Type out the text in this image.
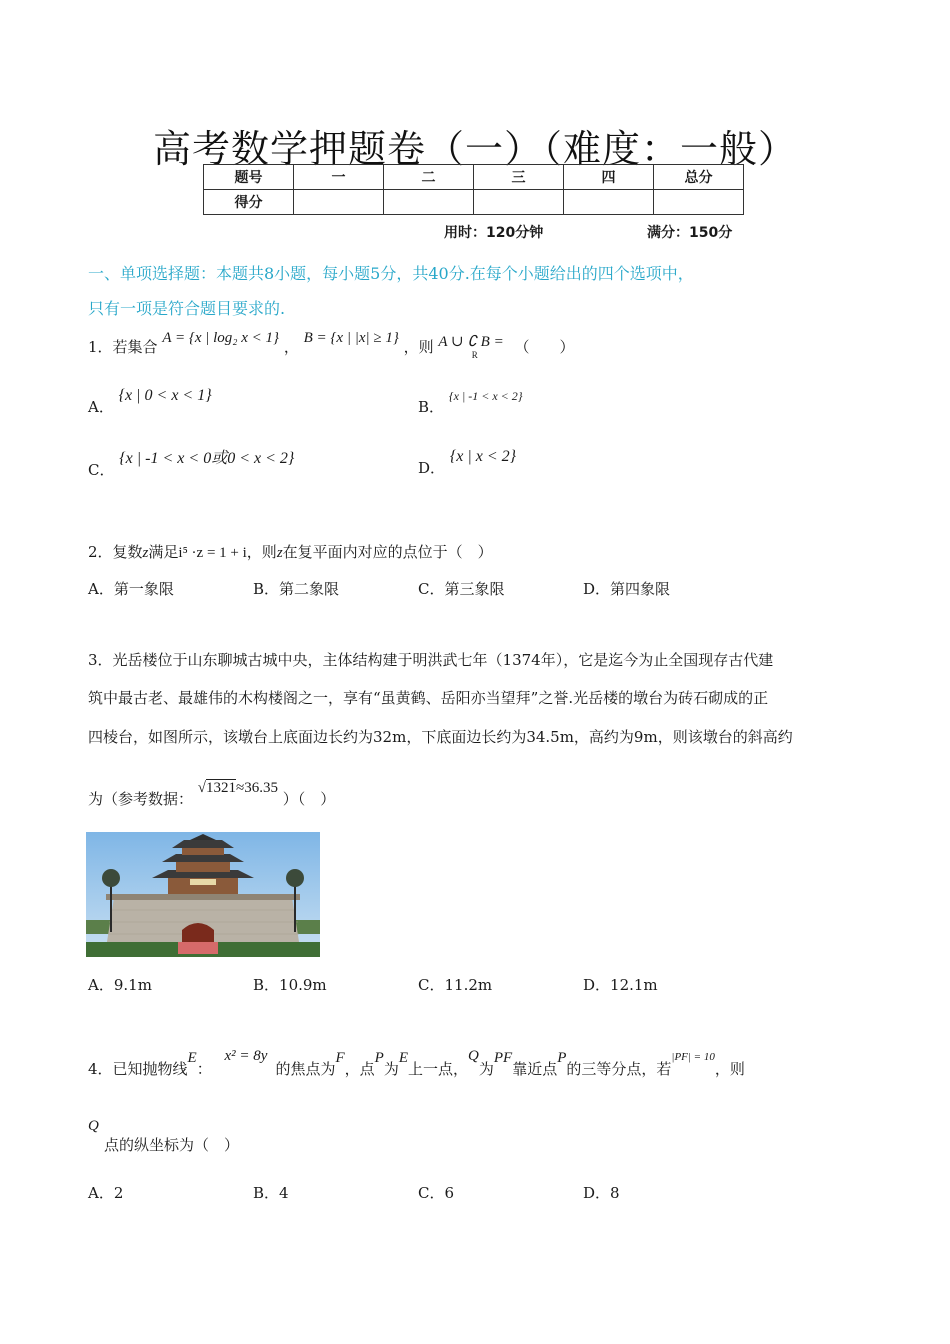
高考数学押题卷（一）（难度：一般）
题号	一	二	三	四	总分
得分					
用时：120分钟	满分：150分
一、单项选择题：本题共8小题，每小题5分，共40分.在每个小题给出的四个选项中，
只有一项是符合题目要求的.
1．若集合 A = {x | log₂ x < 1} ， B = {x | |x| ≥ 1} ，则 A ∪ ∁ $B =_R$ （　　）
A． {x | 0 < x < 1}
B． $^{\{x | -1 < x < 2\}}$
C． {x | -1 < x < 0或0 < x < 2}
D． {x | x < 2}
2．复数z满足i⁵ ·z = 1 + i，则z在复平面内对应的点位于（　）
A．第一象限	B．第二象限	C．第三象限	D．第四象限
3．光岳楼位于山东聊城古城中央，主体结构建于明洪武七年（1374年），它是迄今为止全国现存古代建
筑中最古老、最雄伟的木构楼阁之一，享有“虽黄鹤、岳阳亦当望拜”之誉.光岳楼的墩台为砖石砌成的正
四棱台，如图所示，该墩台上底面边长约为32m，下底面边长约为34.5m，高约为9m，则该墩台的斜高约
为（参考数据： √1321≈36.35 ）（　）
A．9.1m	B．10.9m	C．11.2m	D．12.1m
4．已知抛物线E： x² = 8y的焦点为F，点P为E上一点，Q为PF靠近点P的三等分点，若$^{|PF| = 10}$，则
Q
点的纵坐标为（　）
A．2	B．4	C．6	D．8
